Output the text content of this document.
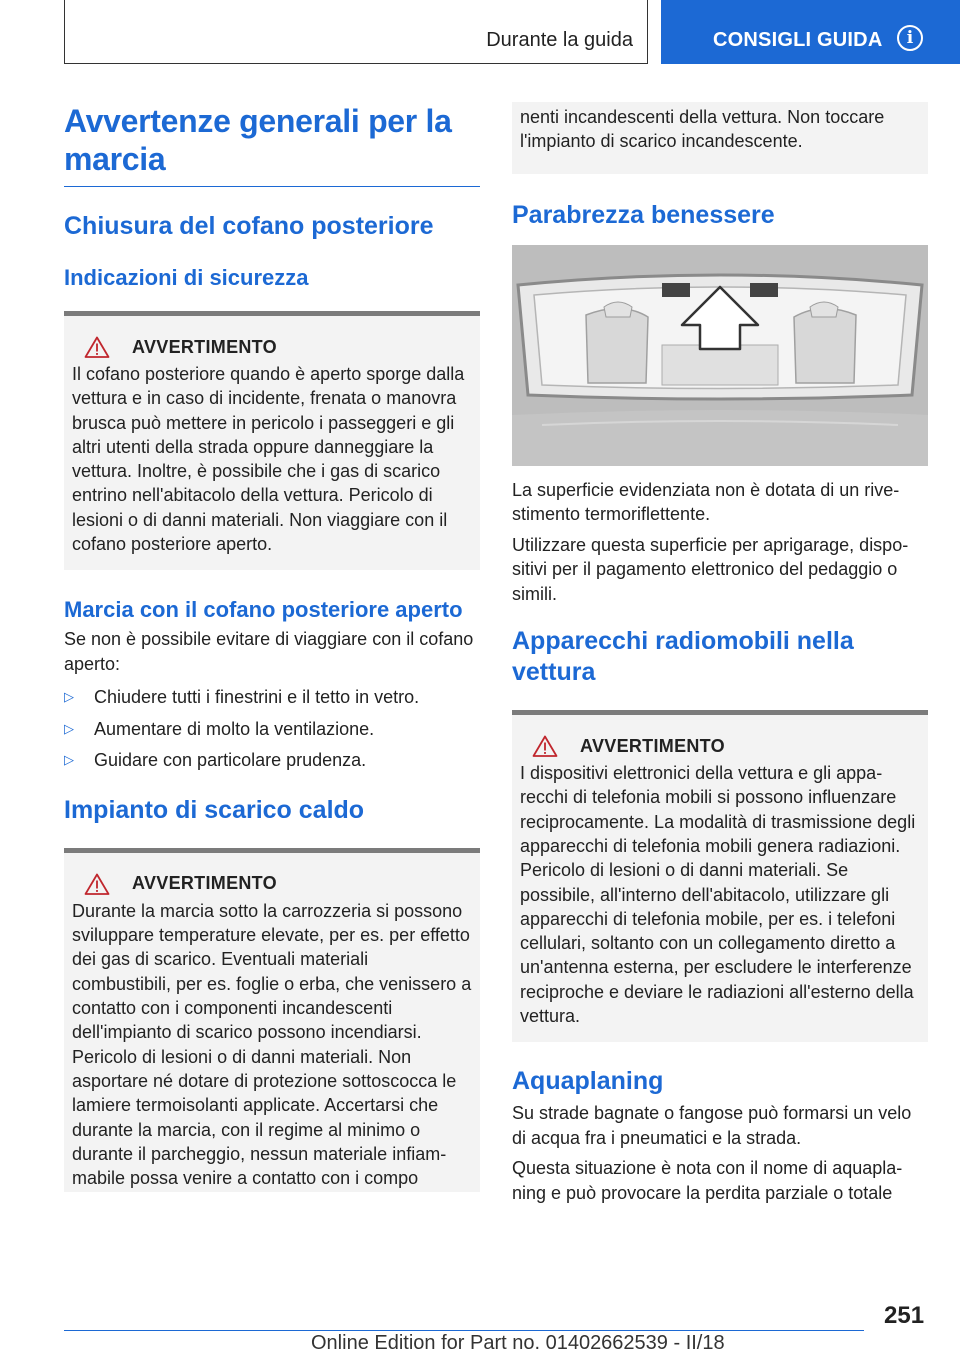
Durante la guida	CONSIGLI GUIDA	i
Avvertenze generali per la marcia
Chiusura del cofano posteriore
Indicazioni di sicurezza
AVVERTIMENTO

Il cofano posteriore quando è aperto sporge dalla vettura e in caso di incidente, frenata o manovra brusca può mettere in pericolo i passeggeri e gli altri utenti della strada oppure danneggiare la vettura. Inoltre, è possibile che i gas di scarico entrino nell'abitacolo della vettura. Pericolo di lesioni o di danni materiali. Non viaggiare con il cofano posteriore aperto.

Marcia con il cofano posteriore aperto

Se non è possibile evitare di viaggiare con il cofano aperto:

▷	Chiudere tutti i finestrini e il tetto in vetro.
▷	Aumentare di molto la ventilazione.
▷	Guidare con particolare prudenza.
Impianto di scarico caldo
AVVERTIMENTO

Durante la marcia sotto la carrozzeria si possono sviluppare temperature elevate, per es. per effetto dei gas di scarico. Eventuali materiali combustibili, per es. foglie o erba, che venissero a contatto con i componenti incandescenti dell'impianto di scarico possono incendiarsi. Pericolo di lesioni o di danni materiali. Non asportare né dotare di protezione sottoscocca le lamiere termoisolanti applicate. Accertarsi che durante la marcia, con il regime al minimo o durante il parcheggio, nessun materiale infiammabile possa venire a contatto con i compo

nenti incandescenti della vettura. Non toccare l'impianto di scarico incandescente.

Parabrezza benessere

La superficie evidenziata non è dotata di un rivestimento termoriflettente.

Utilizzare questa superficie per aprigarage, dispositivi per il pagamento elettronico del pedaggio o simili.

Apparecchi radiomobili nella vettura
AVVERTIMENTO

I dispositivi elettronici della vettura e gli apparecchi di telefonia mobili si possono influenzare reciprocamente. La modalità di trasmissione degli apparecchi di telefonia mobili genera radiazioni. Pericolo di lesioni o di danni materiali. Se possibile, all'interno dell'abitacolo, utilizzare gli apparecchi di telefonia mobile, per es. i telefoni cellulari, soltanto con un collegamento diretto a un'antenna esterna, per escludere le interferenze reciproche e deviare le radiazioni all'esterno della vettura.

Aquaplaning

Su strade bagnate o fangose può formarsi un velo di acqua fra i pneumatici e la strada.

Questa situazione è nota con il nome di aquaplaning e può provocare la perdita parziale o totale

251
Online Edition for Part no. 01402662539 - II/18
